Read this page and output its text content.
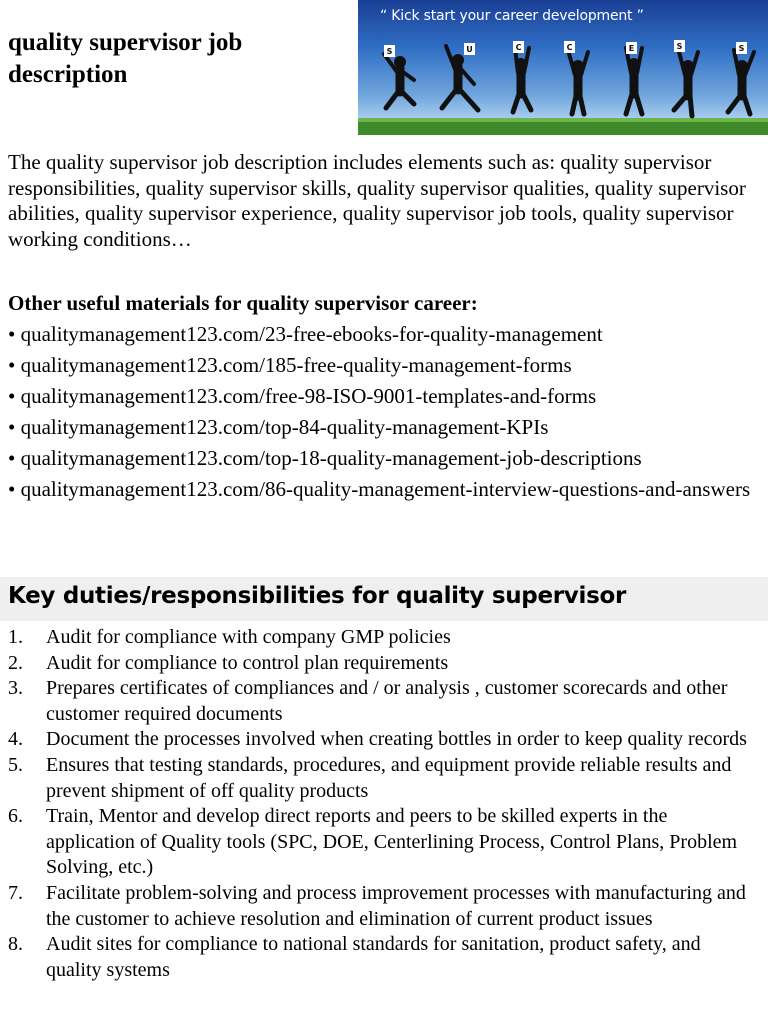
quality supervisor job description
S	U	C	C	E	S	S
“ Kick start your career development ”

The quality supervisor job description includes elements such as: quality supervisor responsibilities, quality supervisor skills, quality supervisor qualities, quality supervisor abilities, quality supervisor experience, quality supervisor job tools, quality supervisor working conditions…

Other useful materials for quality supervisor career:

• qualitymanagement123.com/23-free-ebooks-for-quality-management
• qualitymanagement123.com/185-free-quality-management-forms
• qualitymanagement123.com/free-98-ISO-9001-templates-and-forms
• qualitymanagement123.com/top-84-quality-management-KPIs
• qualitymanagement123.com/top-18-quality-management-job-descriptions
• qualitymanagement123.com/86-quality-management-interview-questions-and-answers
Key duties/responsibilities for quality supervisor
1.	Audit for compliance with company GMP policies
2.	Audit for compliance to control plan requirements
3.	Prepares certificates of compliances and / or analysis , customer scorecards and other customer required documents
4.	Document the processes involved when creating bottles in order to keep quality records
5.	Ensures that testing standards, procedures, and equipment provide reliable results and prevent shipment of off quality products
6.	Train, Mentor and develop direct reports and peers to be skilled experts in the application of Quality tools (SPC, DOE, Centerlining Process, Control Plans, Problem Solving, etc.)
7.	Facilitate problem-solving and process improvement processes with manufacturing and the customer to achieve resolution and elimination of current product issues
8.	Audit sites for compliance to national standards for sanitation, product safety, and quality systems
